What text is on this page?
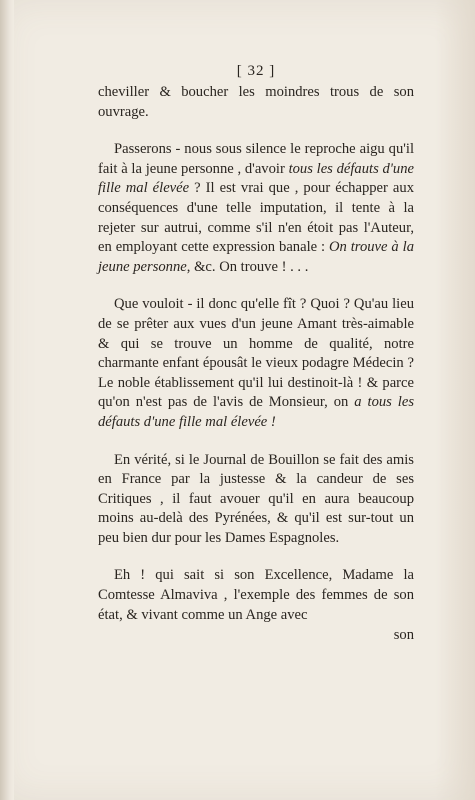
[ 32 ]

cheviller & boucher les moindres trous de son ouvrage.

Passerons - nous sous silence le reproche aigu qu'il fait à la jeune personne , d'avoir tous les défauts d'une fille mal élevée ? Il est vrai que , pour échapper aux conséquences d'une telle imputation, il tente à la rejeter sur autrui, comme s'il n'en étoit pas l'Auteur, en employant cette expression banale : On trouve à la jeune personne, &c. On trouve ! . . .

Que vouloit - il donc qu'elle fît ? Quoi ? Qu'au lieu de se prêter aux vues d'un jeune Amant très-aimable & qui se trouve un homme de qualité, notre charmante enfant épousât le vieux podagre Médecin ? Le noble établissement qu'il lui destinoit-là ! & parce qu'on n'est pas de l'avis de Monsieur, on a tous les défauts d'une fille mal élevée !

En vérité, si le Journal de Bouillon se fait des amis en France par la justesse & la candeur de ses Critiques , il faut avouer qu'il en aura beaucoup moins au-delà des Pyrénées, & qu'il est sur-tout un peu bien dur pour les Dames Espagnoles.

Eh ! qui sait si son Excellence, Madame la Comtesse Almaviva , l'exemple des femmes de son état, & vivant comme un Ange avec

son
